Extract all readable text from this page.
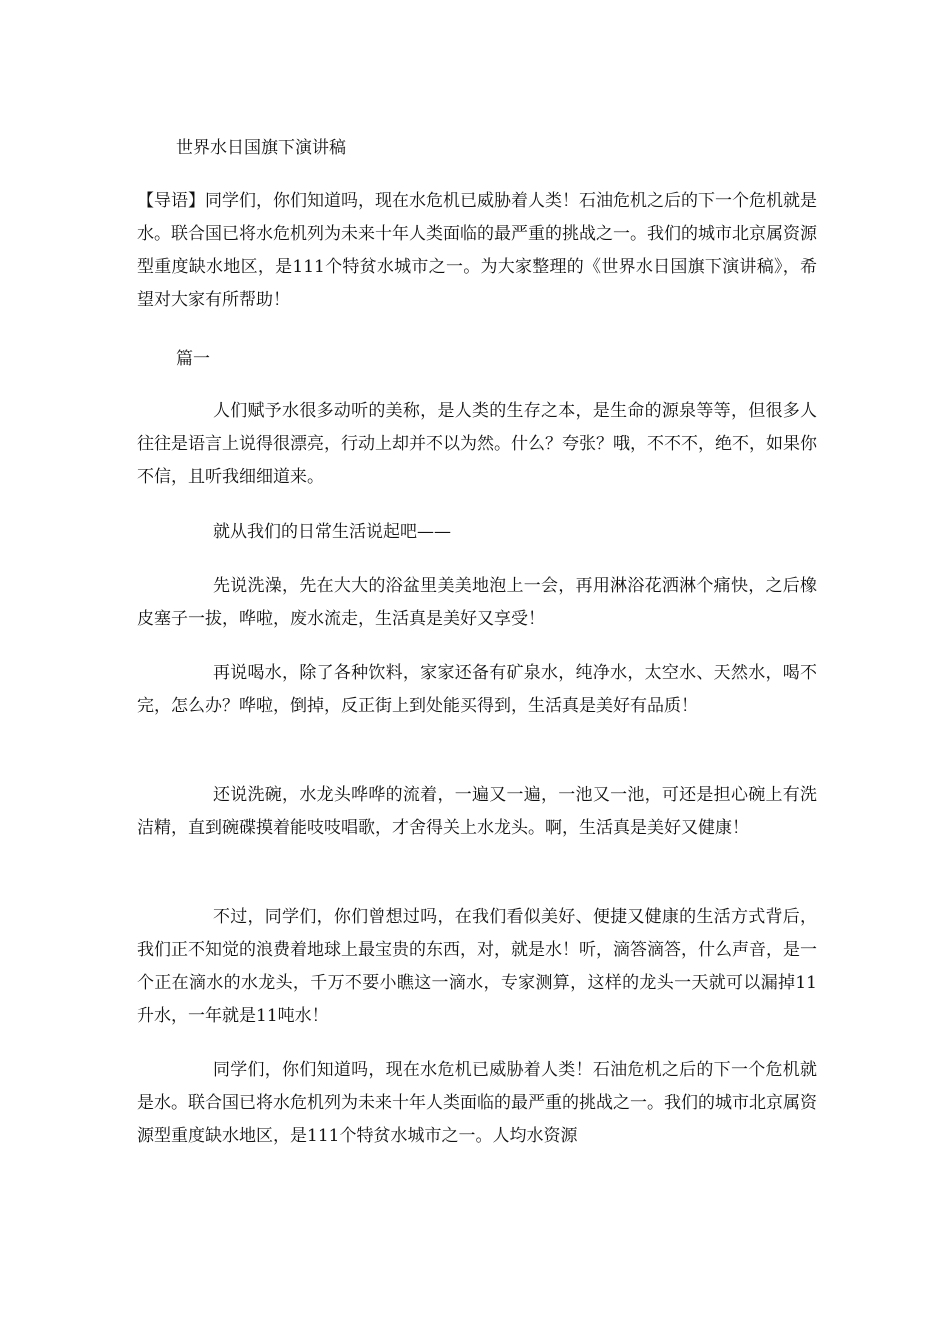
世界水日国旗下演讲稿

【导语】同学们，你们知道吗，现在水危机已威胁着人类！石油危机之后的下一个危机就是水。联合国已将水危机列为未来十年人类面临的最严重的挑战之一。我们的城市北京属资源型重度缺水地区，是111个特贫水城市之一。为大家整理的《世界水日国旗下演讲稿》，希望对大家有所帮助！

篇一

人们赋予水很多动听的美称，是人类的生存之本，是生命的源泉等等，但很多人往往是语言上说得很漂亮，行动上却并不以为然。什么？夸张？哦，不不不，绝不，如果你不信，且听我细细道来。

就从我们的日常生活说起吧——

先说洗澡，先在大大的浴盆里美美地泡上一会，再用淋浴花洒淋个痛快，之后橡皮塞子一拔，哗啦，废水流走，生活真是美好又享受！

再说喝水，除了各种饮料，家家还备有矿泉水，纯净水，太空水、天然水，喝不完，怎么办？哗啦，倒掉，反正街上到处能买得到，生活真是美好有品质！

还说洗碗，水龙头哗哗的流着，一遍又一遍，一池又一池，可还是担心碗上有洗洁精，直到碗碟摸着能吱吱唱歌，才舍得关上水龙头。啊，生活真是美好又健康！

不过，同学们，你们曾想过吗，在我们看似美好、便捷又健康的生活方式背后，我们正不知觉的浪费着地球上最宝贵的东西，对，就是水！听，滴答滴答，什么声音，是一个正在滴水的水龙头，千万不要小瞧这一滴水，专家测算，这样的龙头一天就可以漏掉11升水，一年就是11吨水！

同学们，你们知道吗，现在水危机已威胁着人类！石油危机之后的下一个危机就是水。联合国已将水危机列为未来十年人类面临的最严重的挑战之一。我们的城市北京属资源型重度缺水地区，是111个特贫水城市之一。人均水资源
